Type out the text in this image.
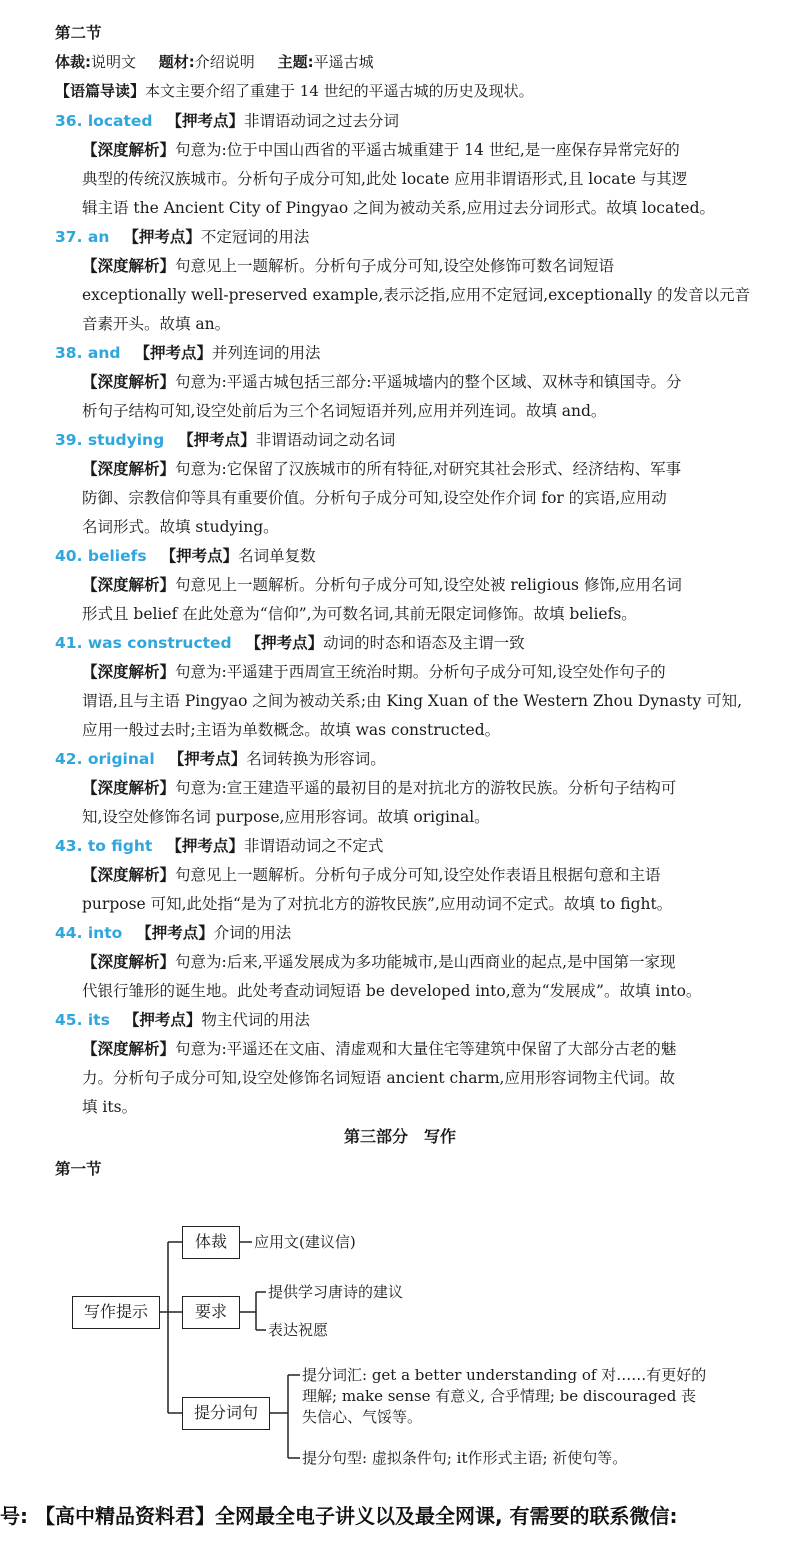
第二节
体裁:说明文 题材:介绍说明 主题:平遥古城
【语篇导读】本文主要介绍了重建于 14 世纪的平遥古城的历史及现状。
36. located 【押考点】非谓语动词之过去分词
【深度解析】句意为:位于中国山西省的平遥古城重建于 14 世纪,是一座保存异常完好的
典型的传统汉族城市。分析句子成分可知,此处 locate 应用非谓语形式,且 locate 与其逻
辑主语 the Ancient City of Pingyao 之间为被动关系,应用过去分词形式。故填 located。
37. an 【押考点】不定冠词的用法
【深度解析】句意见上一题解析。分析句子成分可知,设空处修饰可数名词短语
exceptionally well-preserved example,表示泛指,应用不定冠词,exceptionally 的发音以元音
音素开头。故填 an。
38. and 【押考点】并列连词的用法
【深度解析】句意为:平遥古城包括三部分:平遥城墙内的整个区域、双林寺和镇国寺。分
析句子结构可知,设空处前后为三个名词短语并列,应用并列连词。故填 and。
39. studying 【押考点】非谓语动词之动名词
【深度解析】句意为:它保留了汉族城市的所有特征,对研究其社会形式、经济结构、军事
防御、宗教信仰等具有重要价值。分析句子成分可知,设空处作介词 for 的宾语,应用动
名词形式。故填 studying。
40. beliefs 【押考点】名词单复数
【深度解析】句意见上一题解析。分析句子成分可知,设空处被 religious 修饰,应用名词
形式且 belief 在此处意为“信仰”,为可数名词,其前无限定词修饰。故填 beliefs。
41. was constructed 【押考点】动词的时态和语态及主谓一致
【深度解析】句意为:平遥建于西周宣王统治时期。分析句子成分可知,设空处作句子的
谓语,且与主语 Pingyao 之间为被动关系;由 King Xuan of the Western Zhou Dynasty 可知,
应用一般过去时;主语为单数概念。故填 was constructed。
42. original 【押考点】名词转换为形容词。
【深度解析】句意为:宣王建造平遥的最初目的是对抗北方的游牧民族。分析句子结构可
知,设空处修饰名词 purpose,应用形容词。故填 original。
43. to fight 【押考点】非谓语动词之不定式
【深度解析】句意见上一题解析。分析句子成分可知,设空处作表语且根据句意和主语
purpose 可知,此处指“是为了对抗北方的游牧民族”,应用动词不定式。故填 to fight。
44. into 【押考点】介词的用法
【深度解析】句意为:后来,平遥发展成为多功能城市,是山西商业的起点,是中国第一家现
代银行雏形的诞生地。此处考查动词短语 be developed into,意为“发展成”。故填 into。
45. its 【押考点】物主代词的用法
【深度解析】句意为:平遥还在文庙、清虚观和大量住宅等建筑中保留了大部分古老的魅
力。分析句子成分可知,设空处修饰名词短语 ancient charm,应用形容词物主代词。故
填 its。
第三部分　写作
第一节
写作提示
体裁	应用文(建议信)
要求
提供学习唐诗的建议
表达祝愿
提分词句
提分词汇: get a better understanding of 对……有更好的
理解; make sense 有意义, 合乎情理; be discouraged 丧
失信心、气馁等。
提分句型: 虚拟条件句; it作形式主语; 祈使句等。
号: 【高中精品资料君】全网最全电子讲义以及最全网课, 有需要的联系微信:
